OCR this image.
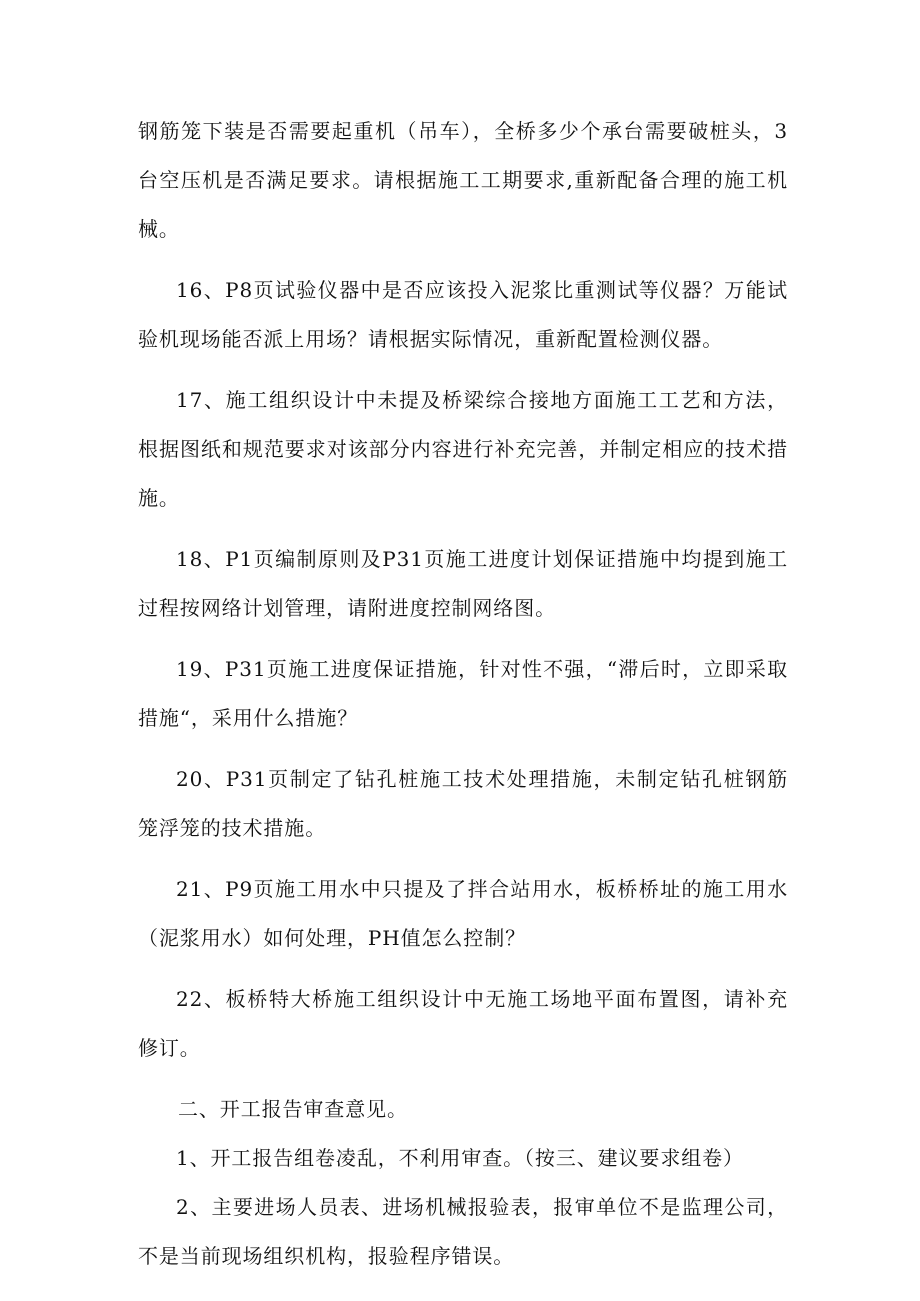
钢筋笼下装是否需要起重机（吊车），全桥多少个承台需要破桩头，3台空压机是否满足要求。请根据施工工期要求,重新配备合理的施工机械。

16、P8页试验仪器中是否应该投入泥浆比重测试等仪器？万能试验机现场能否派上用场？请根据实际情况，重新配置检测仪器。

17、施工组织设计中未提及桥梁综合接地方面施工工艺和方法，根据图纸和规范要求对该部分内容进行补充完善，并制定相应的技术措施。

18、P1页编制原则及P31页施工进度计划保证措施中均提到施工过程按网络计划管理，请附进度控制网络图。

19、P31页施工进度保证措施，针对性不强，“滞后时，立即采取措施“，采用什么措施？

20、P31页制定了钻孔桩施工技术处理措施，未制定钻孔桩钢筋笼浮笼的技术措施。

21、P9页施工用水中只提及了拌合站用水，板桥桥址的施工用水（泥浆用水）如何处理，PH值怎么控制？

22、板桥特大桥施工组织设计中无施工场地平面布置图，请补充修订。

二、开工报告审查意见。

1、开工报告组卷凌乱，不利用审查。（按三、建议要求组卷）

2、主要进场人员表、进场机械报验表，报审单位不是监理公司，不是当前现场组织机构，报验程序错误。
